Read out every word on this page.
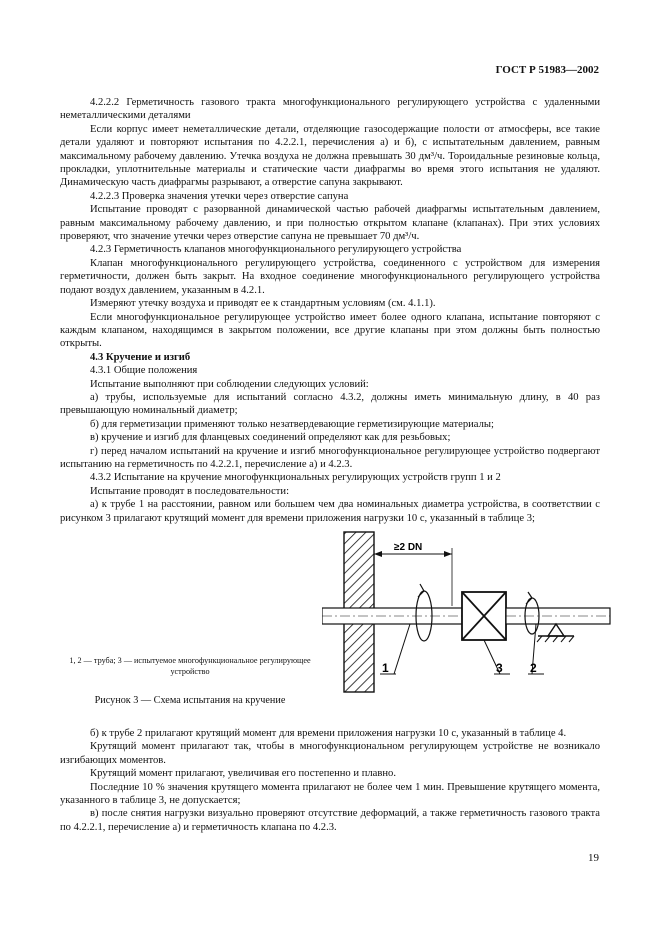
ГОСТ Р 51983—2002

4.2.2.2 Герметичность газового тракта многофункционального регулирующего устройства с удаленными неметаллическими деталями

Если корпус имеет неметаллические детали, отделяющие газосодержащие полости от атмосферы, все такие детали удаляют и повторяют испытания по 4.2.2.1, перечисления а) и б), с испытательным давлением, равным максимальному рабочему давлению. Утечка воздуха не должна превышать 30 дм³/ч. Тороидальные резиновые кольца, прокладки, уплотнительные материалы и статические части диафрагмы во время этого испытания не удаляют. Динамическую часть диафрагмы разрывают, а отверстие сапуна закрывают.

4.2.2.3 Проверка значения утечки через отверстие сапуна

Испытание проводят с разорванной динамической частью рабочей диафрагмы испытательным давлением, равным максимальному рабочему давлению, и при полностью открытом клапане (клапанах). При этих условиях проверяют, что значение утечки через отверстие сапуна не превышает 70 дм³/ч.

4.2.3 Герметичность клапанов многофункционального регулирующего устройства

Клапан многофункционального регулирующего устройства, соединенного с устройством для измерения герметичности, должен быть закрыт. На входное соединение многофункционального регулирующего устройства подают воздух давлением, указанным в 4.2.1.

Измеряют утечку воздуха и приводят ее к стандартным условиям (см. 4.1.1).

Если многофункциональное регулирующее устройство имеет более одного клапана, испытание повторяют с каждым клапаном, находящимся в закрытом положении, все другие клапаны при этом должны быть полностью открыты.

4.3 Кручение и изгиб

4.3.1 Общие положения

Испытание выполняют при соблюдении следующих условий:

а) трубы, используемые для испытаний согласно 4.3.2, должны иметь минимальную длину, в 40 раз превышающую номинальный диаметр;

б) для герметизации применяют только незатвердевающие герметизирующие материалы;

в) кручение и изгиб для фланцевых соединений определяют как для резьбовых;

г) перед началом испытаний на кручение и изгиб многофункциональное регулирующее устройство подвергают испытанию на герметичность по 4.2.2.1, перечисление а) и 4.2.3.

4.3.2 Испытание на кручение многофункциональных регулирующих устройств групп 1 и 2

Испытание проводят в последовательности:

а) к трубе 1 на расстоянии, равном или большем чем два номинальных диаметра устройства, в соответствии с рисунком 3 прилагают крутящий момент для времени приложения нагрузки 10 с, указанный в таблице 3;

1, 2 — труба; 3 — испытуемое многофункциональное регулирующее устройство
Рисунок 3 — Схема испытания на кручение
≥2 DN
1	3 2

б) к трубе 2 прилагают крутящий момент для времени приложения нагрузки 10 с, указанный в таблице 4.

Крутящий момент прилагают так, чтобы в многофункциональном регулирующем устройстве не возникало изгибающих моментов.

Крутящий момент прилагают, увеличивая его постепенно и плавно.

Последние 10 % значения крутящего момента прилагают не более чем 1 мин. Превышение крутящего момента, указанного в таблице 3, не допускается;

в) после снятия нагрузки визуально проверяют отсутствие деформаций, а также герметичность газового тракта по 4.2.2.1, перечисление а) и герметичность клапана по 4.2.3.

19
